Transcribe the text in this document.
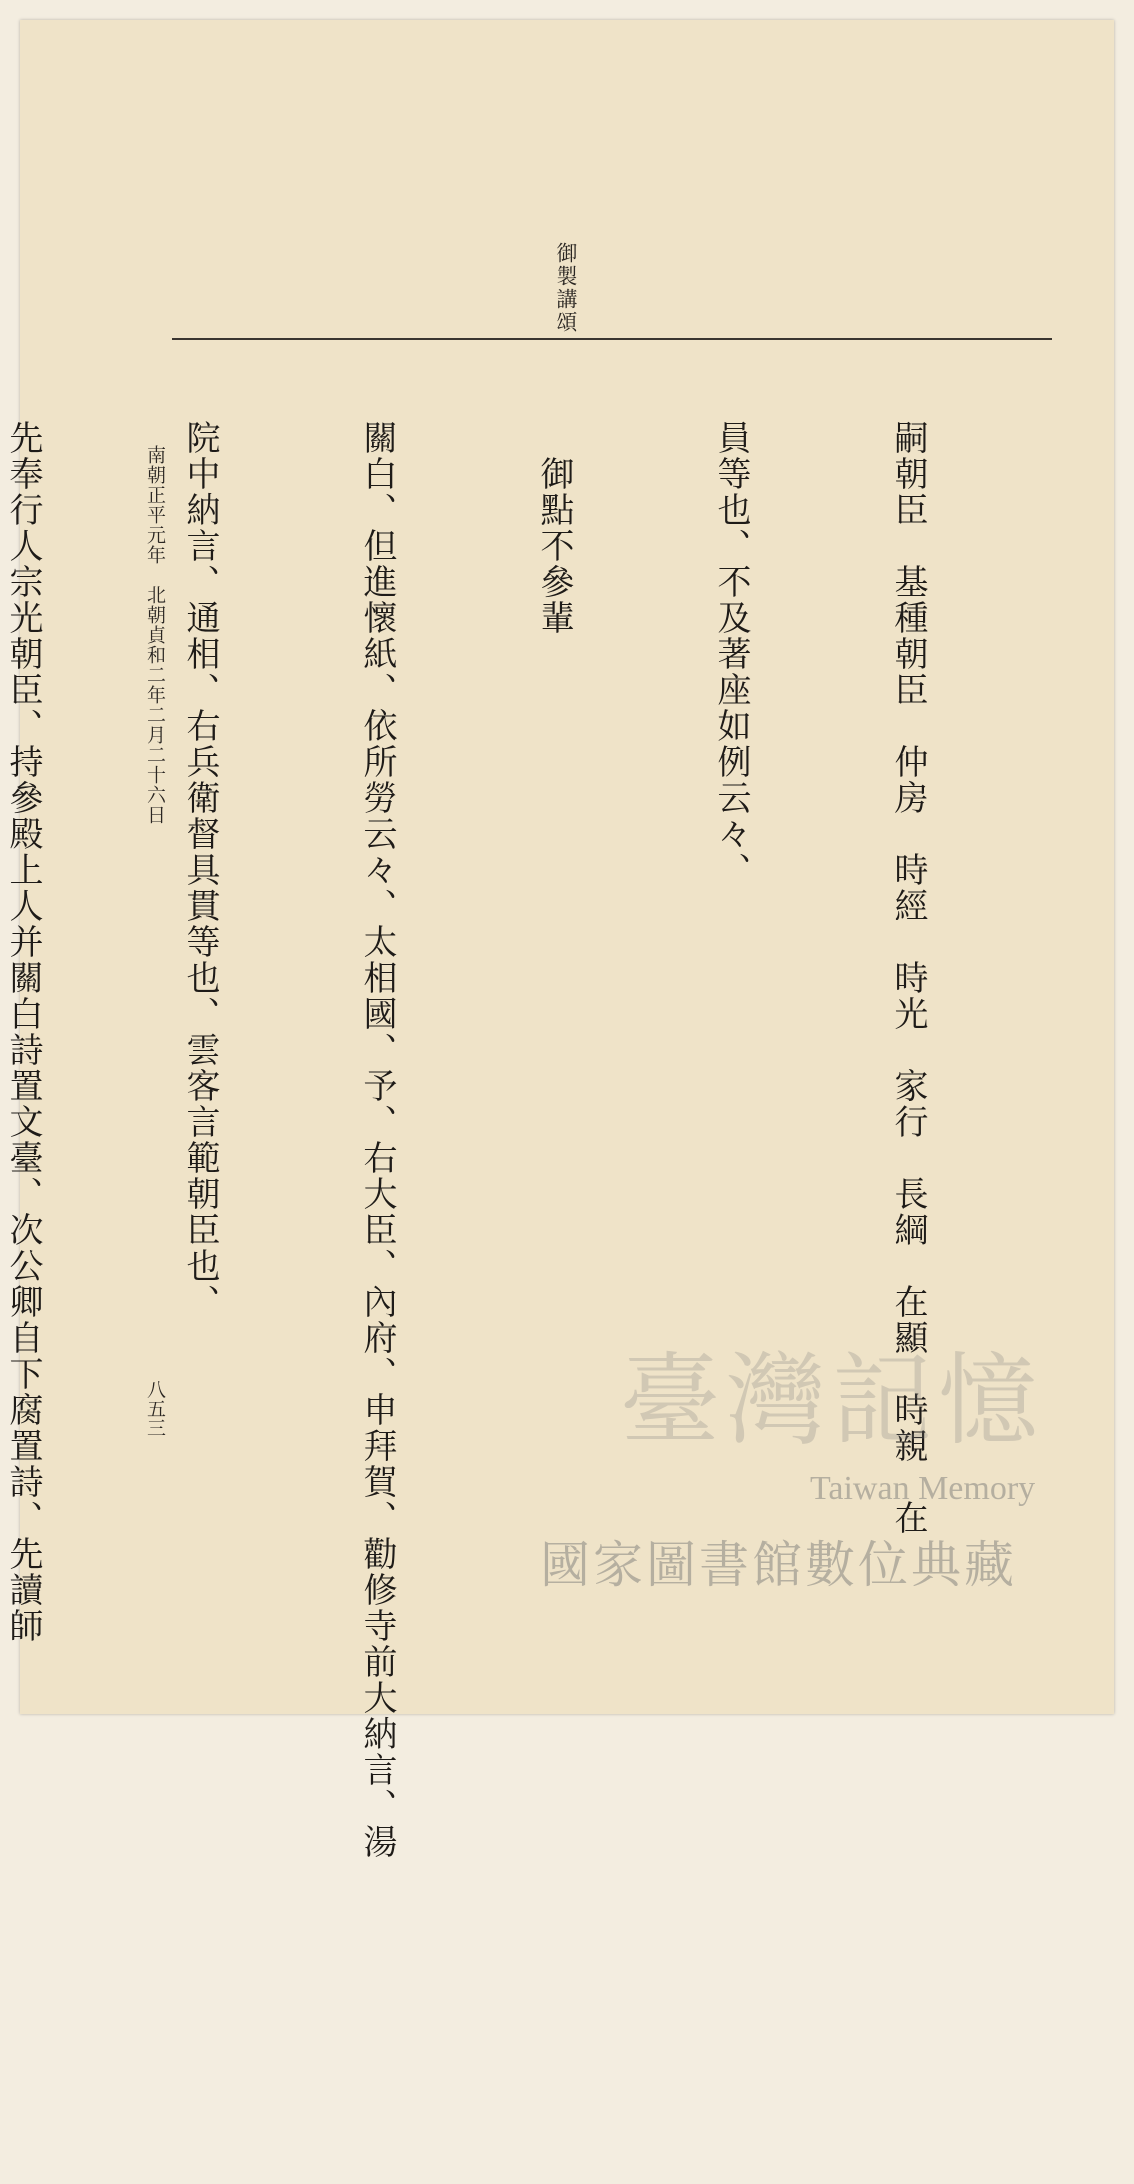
御製講頌

嗣朝臣　基種朝臣　仲房　時經　時光　家行　長綱　在顯　時親　在

員等也、不及著座如例云々、

　御點不參輩

關白、但進懷紙、依所勞云々、太相國、予、右大臣、內府、申拜賀、勸修寺前大納言、湯

院中納言、通相、右兵衛督具貫等也、雲客言範朝臣也、

先奉行人宗光朝臣、持參殿上人并關白詩置文臺、次公卿自下腐置詩、先讀師

	南朝正平元年　北朝貞和二年二月二十六日
八五三	臺灣記憶
Taiwan Memory
國家圖書館數位典藏
